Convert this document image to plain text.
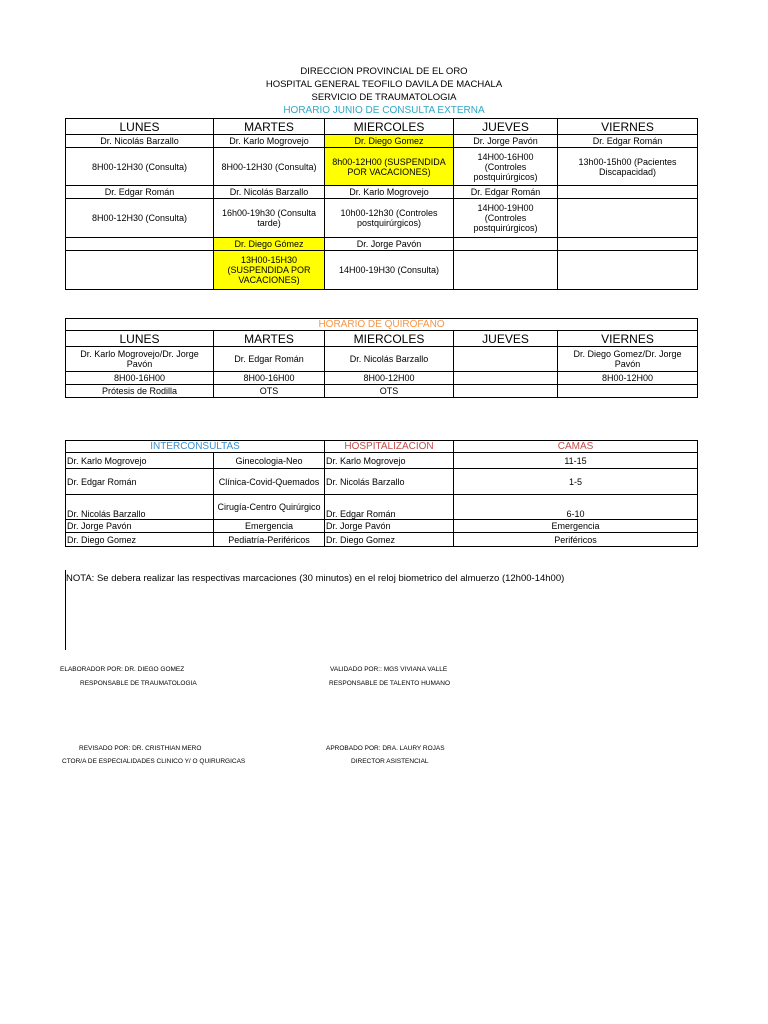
DIRECCION PROVINCIAL DE EL ORO
HOSPITAL GENERAL TEOFILO DAVILA DE MACHALA
SERVICIO DE TRAUMATOLOGIA
HORARIO JUNIO DE CONSULTA EXTERNA
LUNES	MARTES	MIERCOLES	JUEVES	VIERNES
Dr. Nicolás Barzallo	Dr. Karlo Mogrovejo	Dr. Diego Gomez	Dr. Jorge Pavón	Dr. Edgar Román
8H00-12H30 (Consulta)	8H00-12H30 (Consulta)	8h00-12H00 (SUSPENDIDA POR VACACIONES)	14H00-16H00 (Controles postquirúrgicos)	13h00-15h00 (Pacientes Discapacidad)
Dr. Edgar Román	Dr. Nicolás Barzallo	Dr. Karlo Mogrovejo	Dr. Edgar Román	
8H00-12H30 (Consulta)	16h00-19h30 (Consulta tarde)	10h00-12h30 (Controles postquirúrgicos)	14H00-19H00 (Controles postquirúrgicos)	
	Dr. Diego Gómez	Dr. Jorge Pavón		
	13H00-15H30 (SUSPENDIDA POR VACACIONES)	14H00-19H30 (Consulta)		
HORARIO DE QUIRÓFANO				
LUNES	MARTES	MIERCOLES	JUEVES	VIERNES
Dr. Karlo Mogrovejo/Dr. Jorge Pavón	Dr. Edgar Román	Dr. Nicolás Barzallo		Dr. Diego Gomez/Dr. Jorge Pavón
8H00-16H00	8H00-16H00	8H00-12H00		8H00-12H00
Prótesis de Rodilla	OTS	OTS		
INTERCONSULTAS		HOSPITALIZACION	CAMAS
Dr. Karlo Mogrovejo	Ginecologia-Neo	Dr. Karlo Mogrovejo	11-15
Dr. Edgar Román	Clínica-Covid-Quemados	Dr. Nicolás Barzallo	1-5
Dr. Nicolás Barzallo	Cirugía-Centro Quirúrgico	Dr. Edgar Román	6-10
Dr. Jorge Pavón	Emergencia	Dr. Jorge Pavón	Emergencia
Dr. Diego Gomez	Pediatría-Periféricos	Dr. Diego Gomez	Periféricos
NOTA: Se debera realizar las respectivas marcaciones (30 minutos) en el reloj biometrico del almuerzo (12h00-14h00)
ELABORADOR POR: DR. DIEGO GOMEZ
RESPONSABLE DE TRAUMATOLOGIA
VALIDADO POR:: MGS VIVIANA VALLE
RESPONSABLE DE TALENTO HUMANO
REVISADO POR: DR. CRISTHIAN MERO
CTOR/A DE ESPECIALIDADES CLINICO Y/ O QUIRURGICAS
APROBADO POR: DRA. LAURY ROJAS
DIRECTOR ASISTENCIAL
